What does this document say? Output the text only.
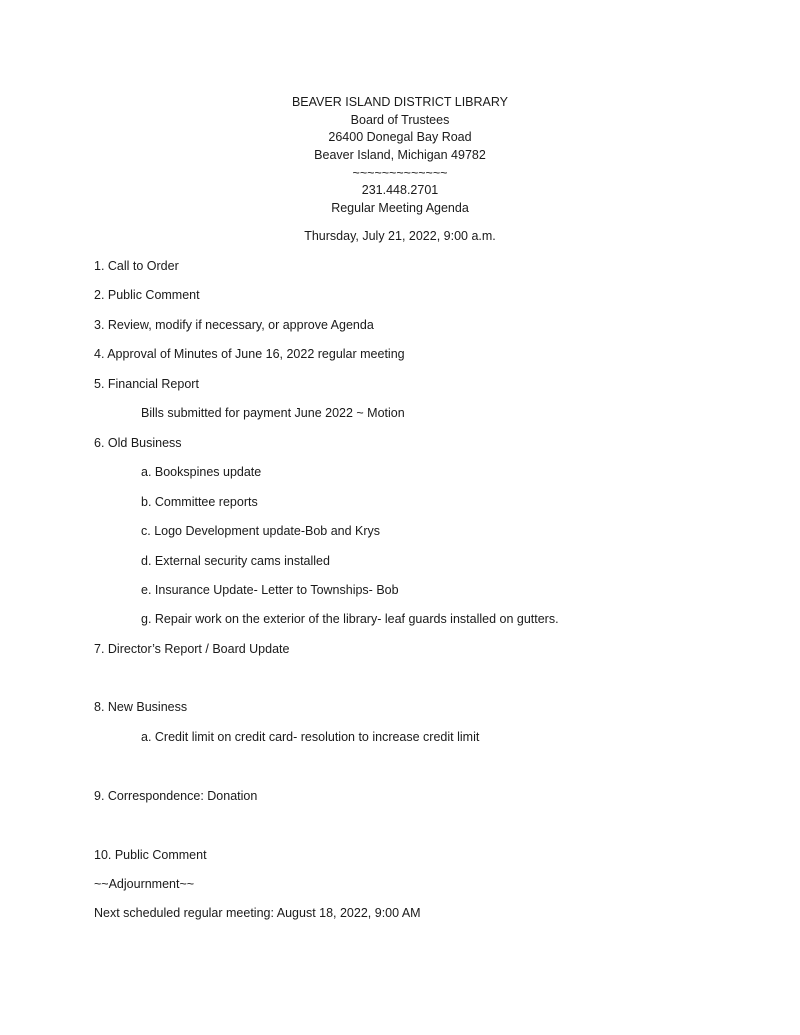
BEAVER ISLAND DISTRICT LIBRARY
Board of Trustees
26400 Donegal Bay Road
Beaver Island, Michigan 49782
~~~~~~~~~~~~~
231.448.2701
Regular Meeting Agenda
Thursday, July 21, 2022, 9:00 a.m.
1. Call to Order
2. Public Comment
3. Review, modify if necessary, or approve Agenda
4. Approval of Minutes of June 16, 2022 regular meeting
5. Financial Report
Bills submitted for payment June 2022 ~ Motion
6. Old Business
a. Bookspines update
b. Committee reports
c. Logo Development update-Bob and Krys
d. External security cams installed
e. Insurance Update- Letter to Townships- Bob
g. Repair work on the exterior of the library- leaf guards installed on gutters.
7. Director’s Report / Board Update
8. New Business
a. Credit limit on credit card- resolution to increase credit limit
9. Correspondence: Donation
10. Public Comment
~~Adjournment~~
Next scheduled regular meeting: August 18, 2022, 9:00 AM
